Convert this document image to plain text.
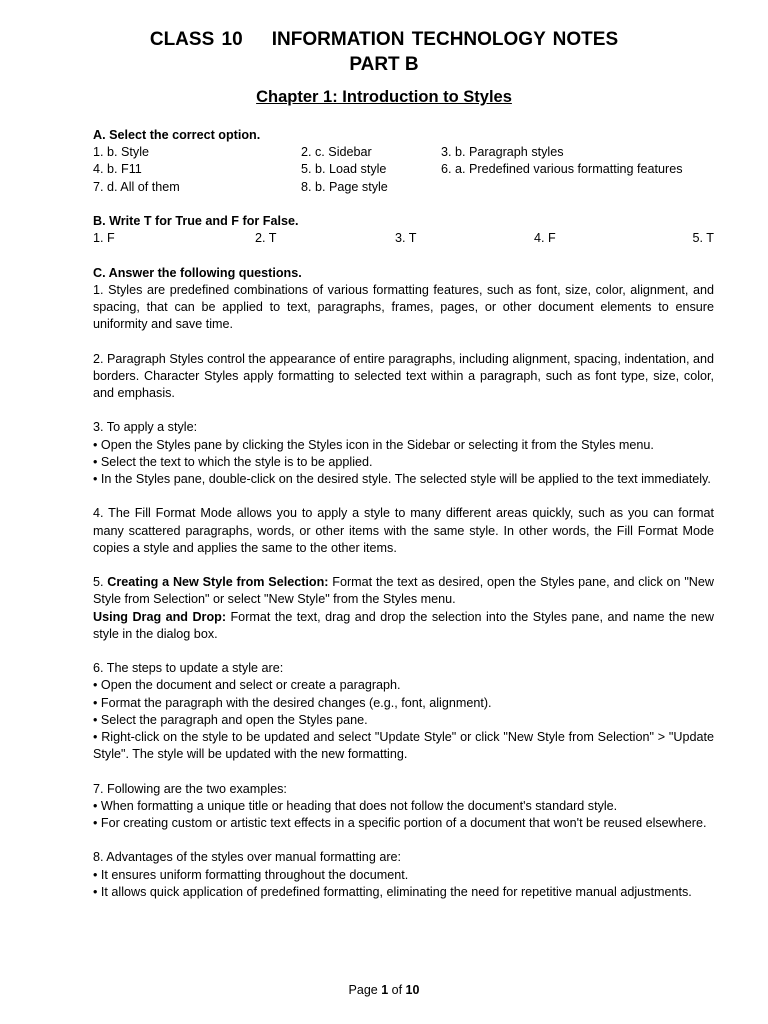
CLASS 10    INFORMATION TECHNOLOGY NOTES
PART B
Chapter 1: Introduction to Styles

A. Select the correct option.

1. b. Style	2. c. Sidebar	3. b. Paragraph styles
4. b. F11	5. b. Load style	6. a. Predefined various formatting features
7. d. All of them	8. b. Page style

B. Write T for True and F for False.

1. F	2. T	3. T	4. F	5. T

C. Answer the following questions.

1. Styles are predefined combinations of various formatting features, such as font, size, color, alignment, and spacing, that can be applied to text, paragraphs, frames, pages, or other document elements to ensure uniformity and save time.

2. Paragraph Styles control the appearance of entire paragraphs, including alignment, spacing, indentation, and borders. Character Styles apply formatting to selected text within a paragraph, such as font type, size, color, and emphasis.

3. To apply a style:

• Open the Styles pane by clicking the Styles icon in the Sidebar or selecting it from the Styles menu.

• Select the text to which the style is to be applied.

• In the Styles pane, double-click on the desired style. The selected style will be applied to the text immediately.

4. The Fill Format Mode allows you to apply a style to many different areas quickly, such as you can format many scattered paragraphs, words, or other items with the same style. In other words, the Fill Format Mode copies a style and applies the same to the other items.

5. Creating a New Style from Selection: Format the text as desired, open the Styles pane, and click on "New Style from Selection" or select "New Style" from the Styles menu.

Using Drag and Drop: Format the text, drag and drop the selection into the Styles pane, and name the new style in the dialog box.

6. The steps to update a style are:

• Open the document and select or create a paragraph.

• Format the paragraph with the desired changes (e.g., font, alignment).

• Select the paragraph and open the Styles pane.

• Right-click on the style to be updated and select "Update Style" or click "New Style from Selection" > "Update Style". The style will be updated with the new formatting.

7. Following are the two examples:

• When formatting a unique title or heading that does not follow the document's standard style.

• For creating custom or artistic text effects in a specific portion of a document that won't be reused elsewhere.

8. Advantages of the styles over manual formatting are:

• It ensures uniform formatting throughout the document.

• It allows quick application of predefined formatting, eliminating the need for repetitive manual adjustments.

Page 1 of 10
